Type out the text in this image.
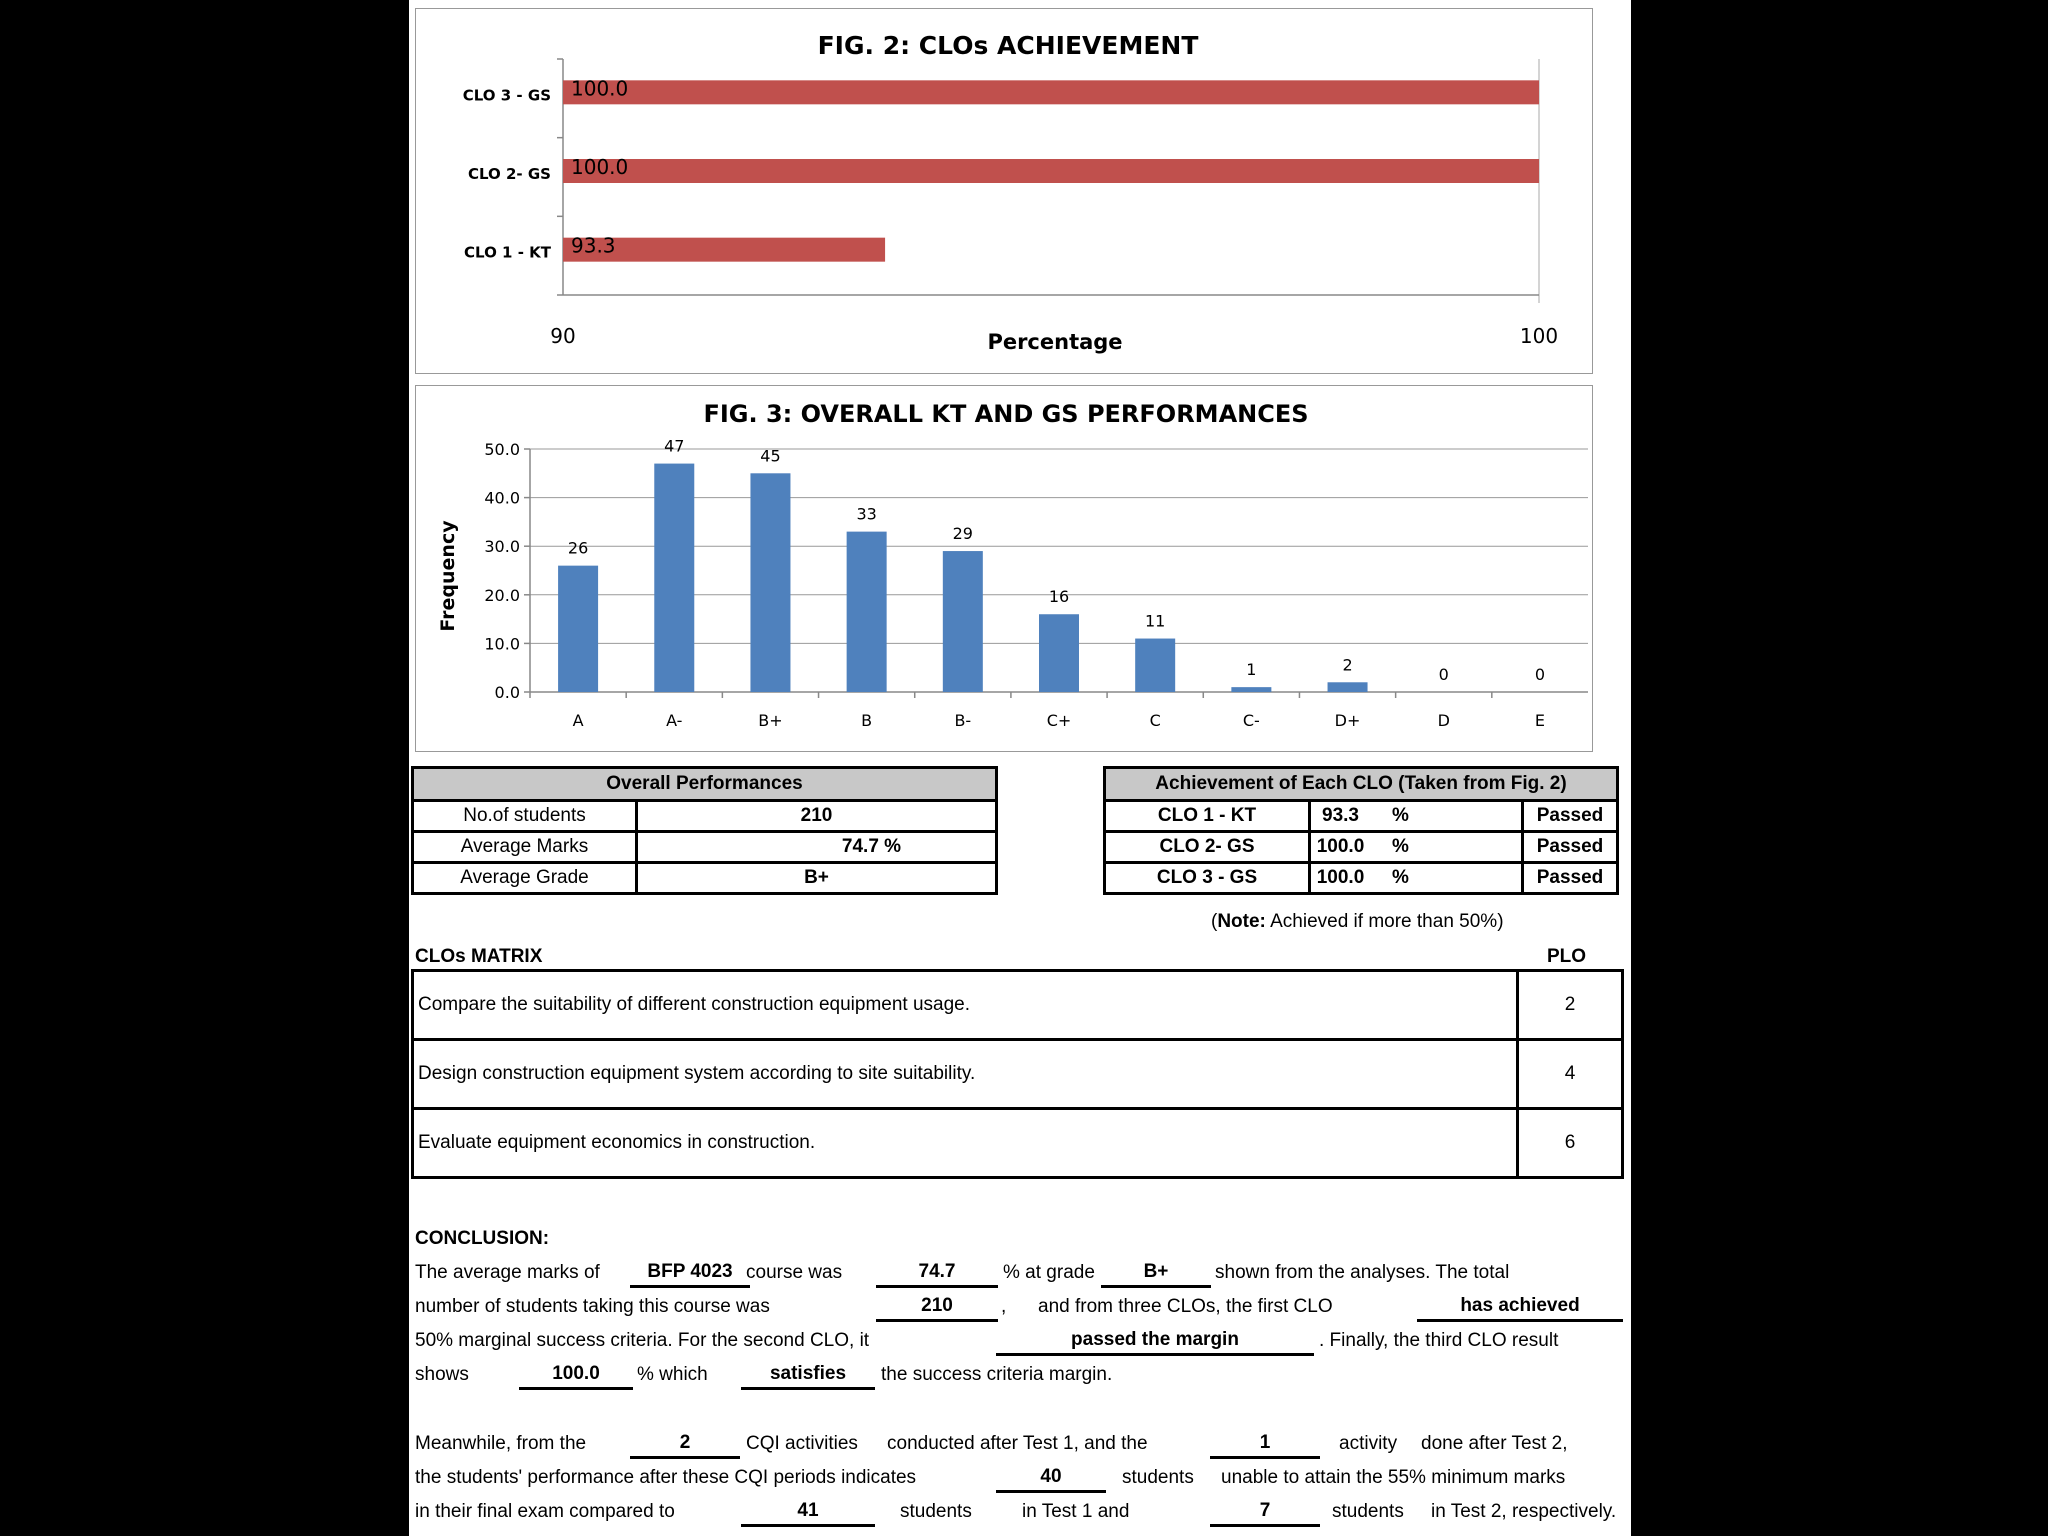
FIG. 2: CLOs ACHIEVEMENT
100.0
CLO 3 - GS
100.0
CLO 2- GS
93.3
CLO 1 - KT
90	100
Percentage
FIG. 3: OVERALL KT AND GS PERFORMANCES
0.0
10.0
20.0
30.0
40.0
50.0
Frequency	26
A
47
A-
45
B+
33
B
29
B-
16
C+
11
C
1
C-
2
D+
0
D
0
E
Overall Performances	
No.of students	210
Average Marks	74.7 %
Average Grade	B+
Achievement of Each CLO (Taken from Fig. 2)			
CLO 1 - KT	93.3	%	Passed
CLO 2- GS	100.0	%	Passed
CLO 3 - GS	100.0	%	Passed
(Note: Achieved if more than 50%)
CLOs MATRIX	PLO
Compare the suitability of different construction equipment usage.	2
Design construction equipment system according to site suitability.	4
Evaluate equipment economics in construction.	6
CONCLUSION:
The average marks of	BFP 4023 course was	74.7	% at grade	B+	shown from the analyses. The total
number of students taking this course was	210	, and from three CLOs, the first CLO	has achieved
50% marginal success criteria. For the second CLO, it	passed the margin	. Finally, the third CLO result
shows	100.0	% which	satisfies	the success criteria margin.
Meanwhile, from the	2	CQI activities conducted after Test 1, and the	1	activity done after Test 2,
the students' performance after these CQI periods indicates	40	students unable to attain the 55% minimum marks
in their final exam compared to	41	students	in Test 1 and	7	students in Test 2, respectively.
